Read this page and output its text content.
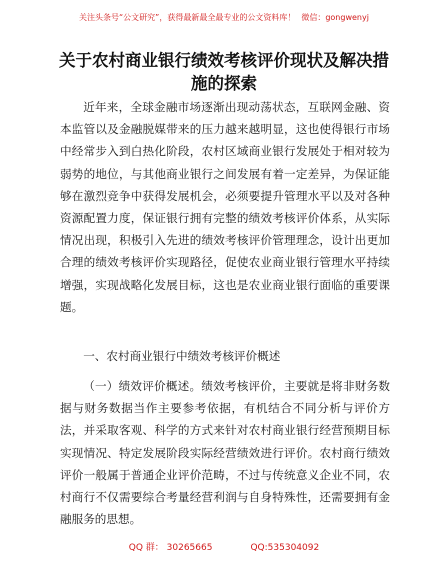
关注头条号“公文研究”，获得最新最全最专业的公文资料库！ 微信：gongwenyj
关于农村商业银行绩效考核评价现状及解决措施的探索

近年来，全球金融市场逐渐出现动荡状态，互联网金融、资本监管以及金融脱媒带来的压力越来越明显，这也使得银行市场中经常步入到白热化阶段，农村区域商业银行发展处于相对较为弱势的地位，与其他商业银行之间发展有着一定差异，为保证能够在激烈竞争中获得发展机会，必须要提升管理水平以及对各种资源配置力度，保证银行拥有完整的绩效考核评价体系，从实际情况出现，积极引入先进的绩效考核评价管理理念，设计出更加合理的绩效考核评价实现路径，促使农业商业银行管理水平持续增强，实现战略化发展目标，这也是农业商业银行面临的重要课题。

一、农村商业银行中绩效考核评价概述

（一）绩效评价概述。绩效考核评价，主要就是将非财务数据与财务数据当作主要参考依据，有机结合不同分析与评价方法，并采取客观、科学的方式来针对农村商业银行经营预期目标实现情况、特定发展阶段实际经营绩效进行评价。农村商行绩效评价一般属于普通企业评价范畴，不过与传统意义企业不同，农村商行不仅需要综合考量经营利润与自身特殊性，还需要拥有金融服务的思想。

QQ 群： 30265665	QQ:535304092
